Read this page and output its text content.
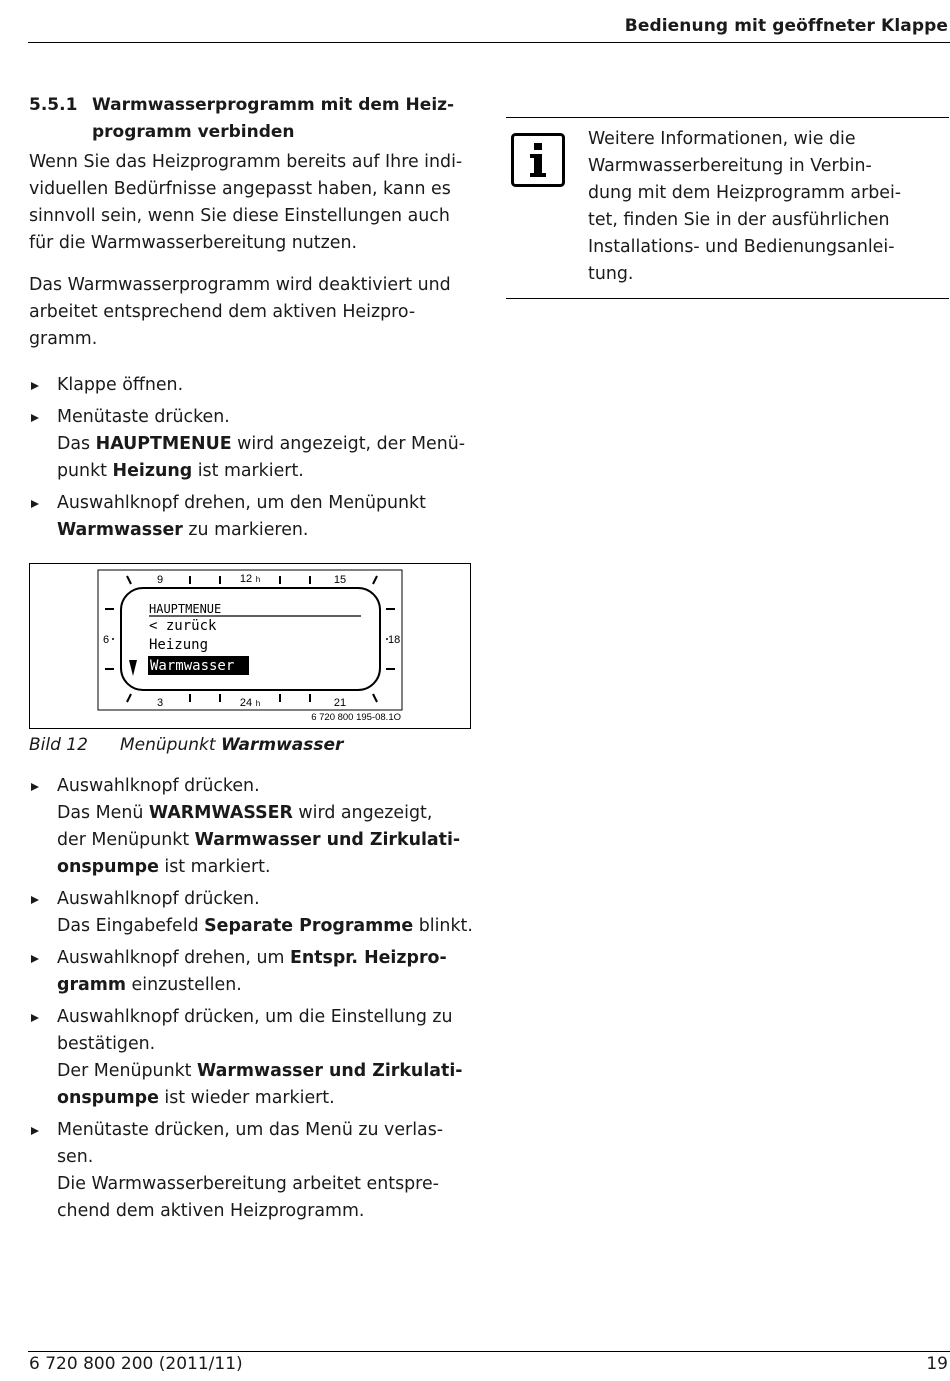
Bedienung mit geöffneter Klappe
5.5.1 Warmwasserprogramm mit dem Heiz-
programm verbinden

Wenn Sie das Heizprogramm bereits auf Ihre indi-
viduellen Bedürfnisse angepasst haben, kann es
sinnvoll sein, wenn Sie diese Einstellungen auch
für die Warmwasserbereitung nutzen.

Das Warmwasserprogramm wird deaktiviert und
arbeitet entsprechend dem aktiven Heizpro-
gramm.

Klappe öffnen.
Menütaste drücken.
Das HAUPTMENUE wird angezeigt, der Menü-
punkt Heizung ist markiert.
Auswahlknopf drehen, um den Menüpunkt
Warmwasser zu markieren.
9	12 h	15
3	24 h	21
6	18
HAUPTMENUE
< zurück
Heizung
Warmwasser
6 720 800 195-08.1O
Bild 12	Menüpunkt Warmwasser
Auswahlknopf drücken.
Das Menü WARMWASSER wird angezeigt,
der Menüpunkt Warmwasser und Zirkulati-
onspumpe ist markiert.
Auswahlknopf drücken.
Das Eingabefeld Separate Programme blinkt.
Auswahlknopf drehen, um Entspr. Heizpro-
gramm einzustellen.
Auswahlknopf drücken, um die Einstellung zu
bestätigen.
Der Menüpunkt Warmwasser und Zirkulati-
onspumpe ist wieder markiert.
Menütaste drücken, um das Menü zu verlas-
sen.
Die Warmwasserbereitung arbeitet entspre-
chend dem aktiven Heizprogramm.
Weitere Informationen, wie die
Warmwasserbereitung in Verbin-
dung mit dem Heizprogramm arbei-
tet, finden Sie in der ausführlichen
Installations- und Bedienungsanlei-
tung.
6 720 800 200 (2011/11)	19
